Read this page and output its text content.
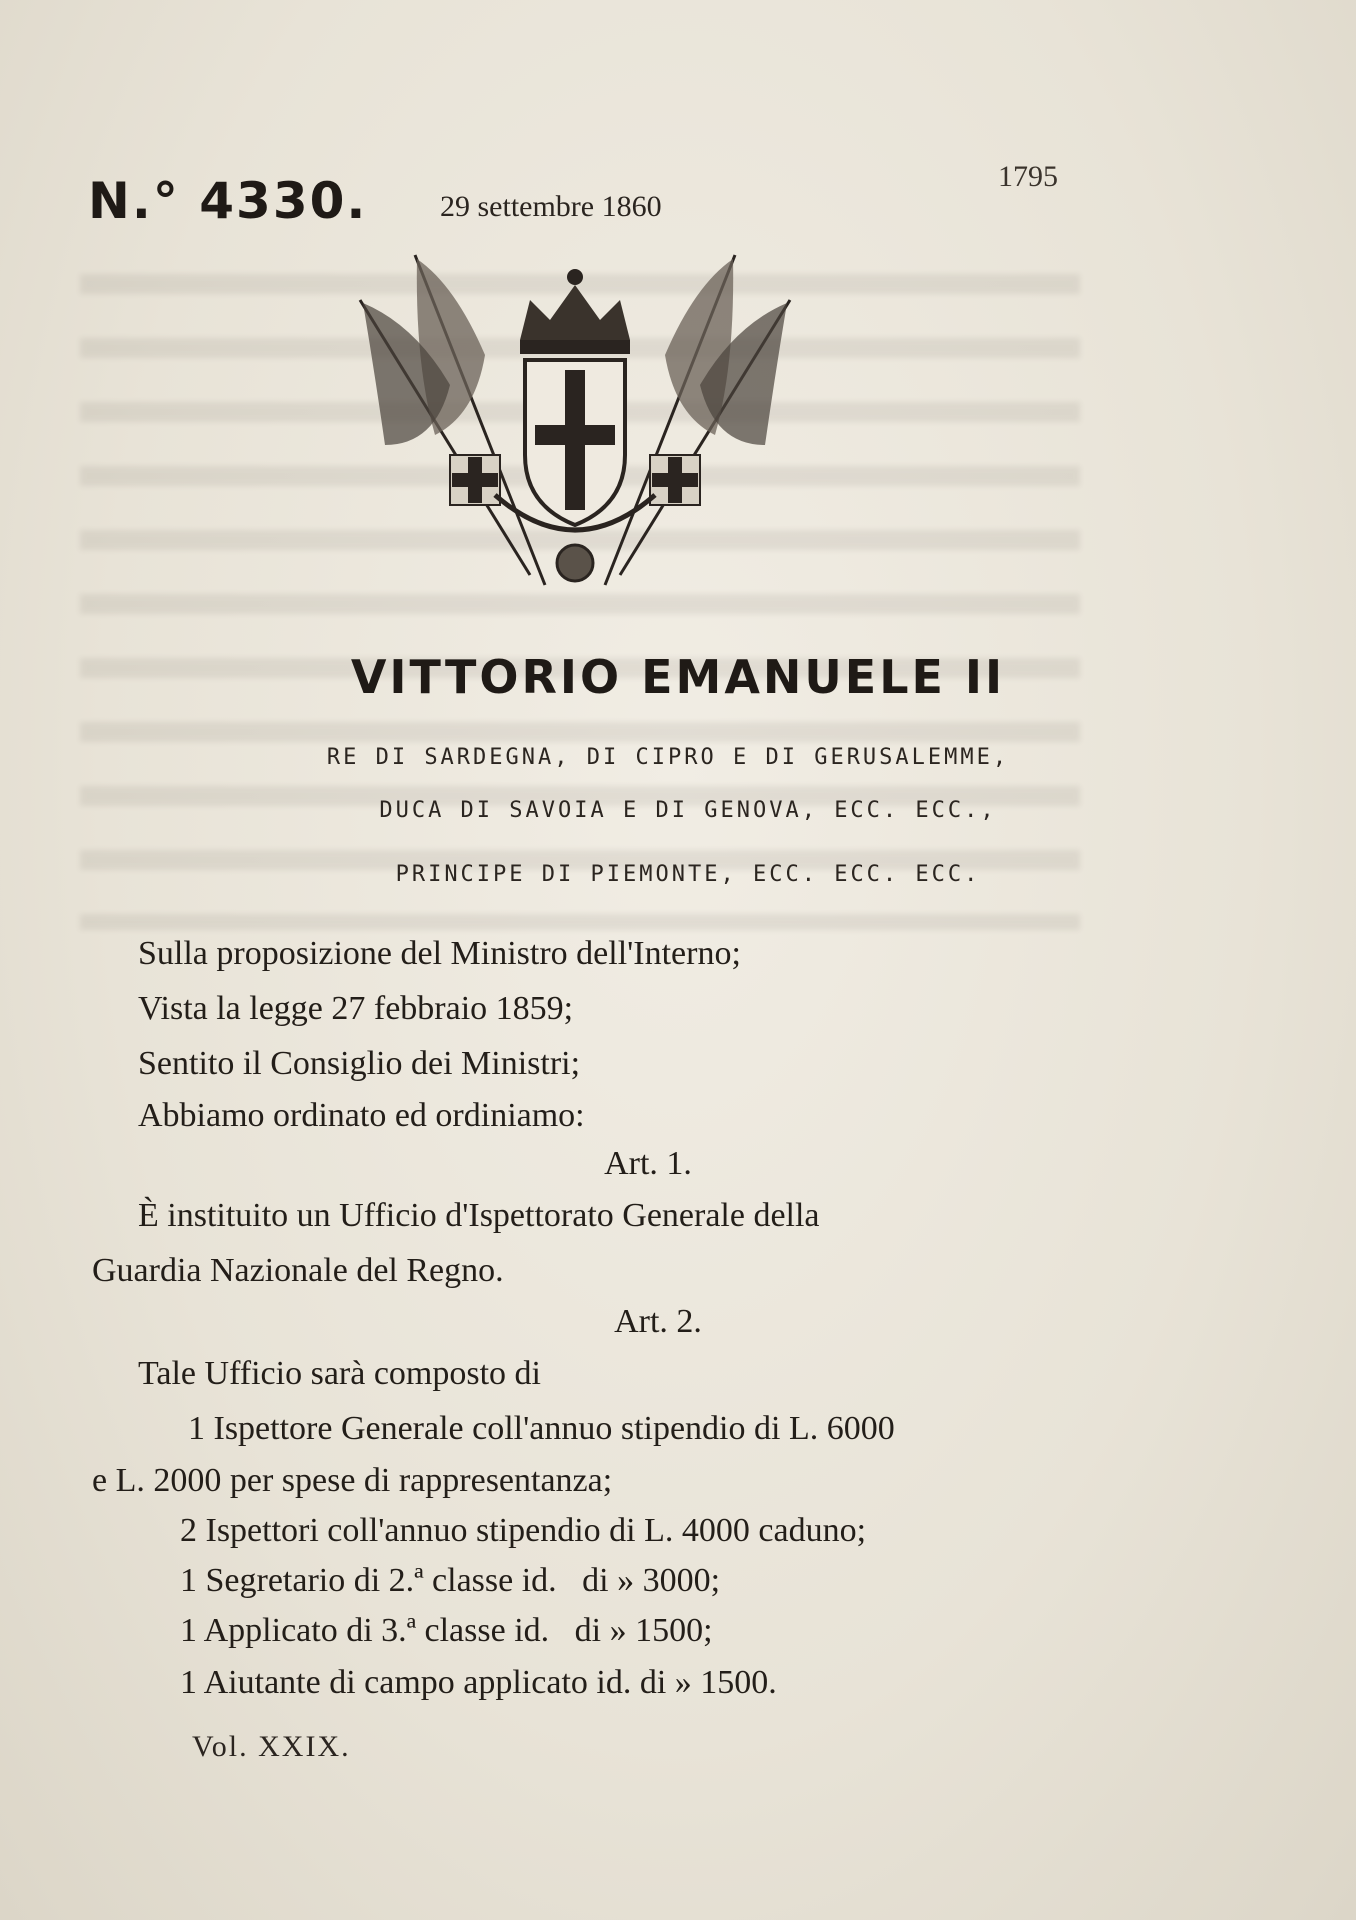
N.° 4330. 29 settembre 1860
1795
VITTORIO EMANUELE II
RE DI SARDEGNA, DI CIPRO E DI GERUSALEMME,
DUCA DI SAVOIA E DI GENOVA, ECC. ECC.,
PRINCIPE DI PIEMONTE, ECC. ECC. ECC.
Sulla proposizione del Ministro dell'Interno;
Vista la legge 27 febbraio 1859;
Sentito il Consiglio dei Ministri;
Abbiamo ordinato ed ordiniamo:
Art. 1.
È instituito un Ufficio d'Ispettorato Generale della
Guardia Nazionale del Regno.
Art. 2.
Tale Ufficio sarà composto di
1 Ispettore Generale coll'annuo stipendio di L. 6000
e L. 2000 per spese di rappresentanza;
2 Ispettori coll'annuo stipendio di L. 4000 caduno;
1 Segretario di 2.ª classe id.   di » 3000;
1 Applicato di 3.ª classe id.   di » 1500;
1 Aiutante di campo applicato id. di » 1500.
Vol. XXIX.
